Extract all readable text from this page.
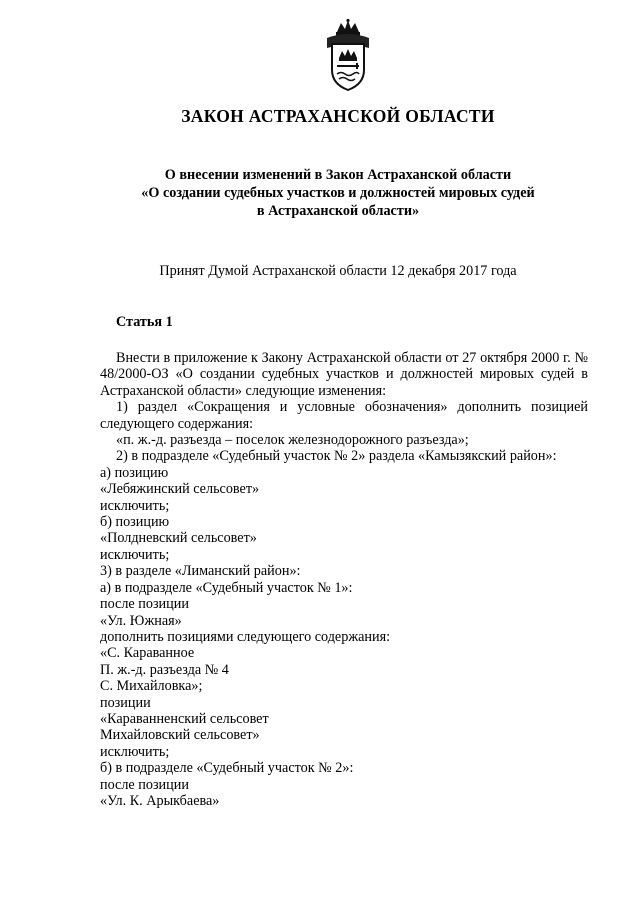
ЗАКОН АСТРАХАНСКОЙ ОБЛАСТИ
О внесении изменений в Закон Астраханской области
«О создании судебных участков и должностей мировых судей
в Астраханской области»
Принят Думой Астраханской области 12 декабря 2017 года
Статья 1
Внести в приложение к Закону Астраханской области от 27 октября 2000 г. № 48/2000-ОЗ «О создании судебных участков и должностей мировых судей в Астраханской области» следующие изменения:
1) раздел «Сокращения и условные обозначения» дополнить позицией следующего содержания:
«п. ж.-д. разъезда – поселок железнодорожного разъезда»;
2) в подразделе «Судебный участок № 2» раздела «Камызякский район»:
а) позицию
«Лебяжинский сельсовет»
исключить;
б) позицию
«Полдневский сельсовет»
исключить;
3) в разделе «Лиманский район»:
а) в подразделе «Судебный участок № 1»:
после позиции
«Ул. Южная»
дополнить позициями следующего содержания:
«С. Караванное
П. ж.-д. разъезда № 4
С. Михайловка»;
позиции
«Караванненский сельсовет
Михайловский сельсовет»
исключить;
б) в подразделе «Судебный участок № 2»:
после позиции
«Ул. К. Арыкбаева»
